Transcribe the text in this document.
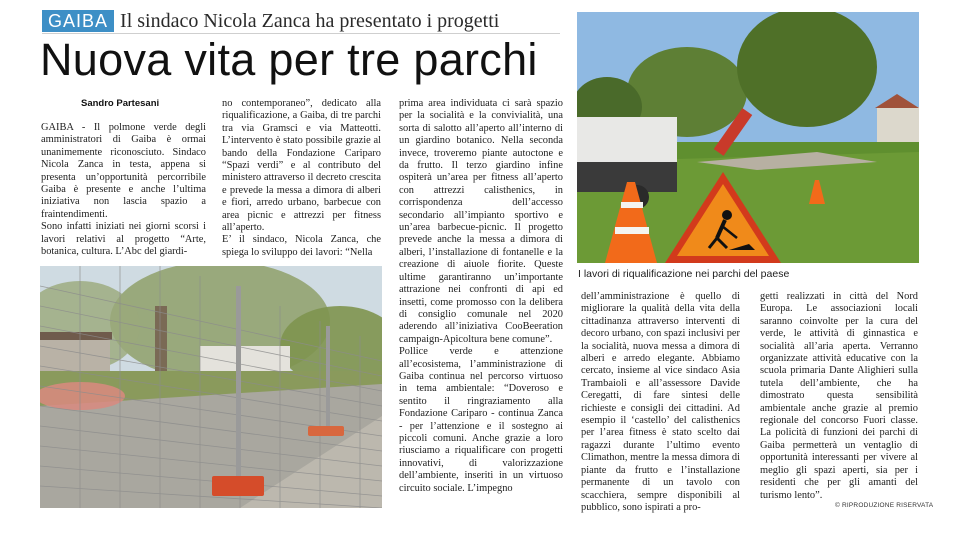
GAIBA Il sindaco Nicola Zanca ha presentato i progetti
Nuova vita per tre parchi
Sandro Partesani

GAIBA - Il polmone verde degli amministratori di Gaiba è ormai unanimemente riconosciuto. Sindaco Nicola Zanca in testa, appena si presenta un’opportunità percorribile Gaiba è presente e anche l’ultima iniziativa non lascia spazio a fraintendimenti.

Sono infatti iniziati nei giorni scorsi i lavori relativi al progetto “Arte, botanica, cultura. L’Abc del giardi-

no contemporaneo”, dedicato alla riqualificazione, a Gaiba, di tre parchi tra via Gramsci e via Matteotti. L’intervento è stato possibile grazie al bando della Fondazione Cariparo “Spazi verdi” e al contributo del ministero attraverso il decreto crescita e prevede la messa a dimora di alberi e fiori, arredo urbano, barbecue con area picnic e attrezzi per fitness all’aperto.

E’ il sindaco, Nicola Zanca, che spiega lo sviluppo dei lavori: “Nella

prima area individuata ci sarà spazio per la socialità e la convivialità, una sorta di salotto all’aperto all’interno di un giardino botanico. Nella seconda invece, troveremo piante autoctone e da frutto. Il terzo giardino infine ospiterà un’area per fitness all’aperto con attrezzi calisthenics, in corrispondenza dell’accesso secondario all’impianto sportivo e un’area barbecue-picnic. Il progetto prevede anche la messa a dimora di alberi, l’installazione di fontanelle e la creazione di aiuole fiorite. Queste ultime garantiranno un’importante attrazione nei confronti di api ed insetti, come promosso con la delibera di consiglio comunale nel 2020 aderendo all’iniziativa CooBeeration campaign-Apicoltura bene comune”.

Pollice verde e attenzione all’ecosistema, l’amministrazione di Gaiba continua nel percorso virtuoso in tema ambientale: “Doveroso e sentito il ringraziamento alla Fondazione Cariparo - continua Zanca - per l’attenzione e il sostegno ai piccoli comuni. Anche grazie a loro riusciamo a riqualificare con progetti innovativi, di valorizzazione dell’ambiente, inseriti in un virtuoso circuito sociale. L’impegno

dell’amministrazione è quello di migliorare la qualità della vita della cittadinanza attraverso interventi di decoro urbano, con spazi inclusivi per la socialità, nuova messa a dimora di alberi e arredo elegante. Abbiamo cercato, insieme al vice sindaco Asia Trambaioli e all’assessore Davide Ceregatti, di fare sintesi delle richieste e consigli dei cittadini. Ad esempio il ‘castello’ del calisthenics per l’area fitness è stato scelto dai ragazzi durante l’ultimo evento Climathon, mentre la messa dimora di piante da frutto e l’installazione permanente di un tavolo con scacchiera, sempre disponibili al pubblico, sono ispirati a pro-

getti realizzati in città del Nord Europa. Le associazioni locali saranno coinvolte per la cura del verde, le attività di ginnastica e socialità all’aria aperta. Verranno organizzate attività educative con la scuola primaria Dante Alighieri sulla tutela dell’ambiente, che ha dimostrato questa sensibilità ambientale anche grazie al premio regionale del concorso Fuori classe. La policità di funzioni dei parchi di Gaiba permetterà un ventaglio di opportunità interessanti per vivere al meglio gli spazi aperti, sia per i residenti che per gli amanti del turismo lento”.

I lavori di riqualificazione nei parchi del paese
© RIPRODUZIONE RISERVATA
